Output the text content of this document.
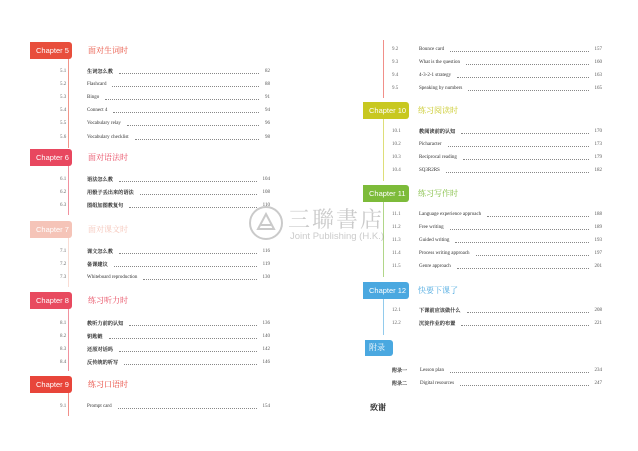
Chapter 5	面对生词时
5.1	生词怎么教	82
5.2	Flashcard	88
5.3	Bingo	91
5.4	Connect 4	94
5.5	Vocabulary relay	96
5.6	Vocabulary checklist	98
Chapter 6	面对语法时
6.1	语法怎么教	104
6.2	用骰子丢出来的语法	108
6.3	图组加图教复句	110
Chapter 7	面对课文时
7.1	课文怎么教	116
7.2	备课建议	119
7.3	Whiteboard reproduction	130
Chapter 8	练习听力时
8.1	教听力前的认知	136
8.2	钥匙链	140
8.3	还原对话吗	142
8.4	反传统的听写	146
Chapter 9	练习口语时
9.1	Prompt card	154
9.2	Bounce card	157
9.3	What is the question	160
9.4	4-3-2-1 strategy	163
9.5	Speaking by numbers	165
Chapter 10	练习阅读时
10.1	教阅读前的认知	170
10.2	Picharacter	173
10.3	Reciprocal reading	179
10.4	SQ3R2RS	182
Chapter 11	练习写作时
11.1	Language experience approach	188
11.2	Free writing	189
11.3	Guided writing	193
11.4	Process writing approach	197
11.5	Genre approach	201
Chapter 12	快要下课了
12.1	下课前应该做什么	208
12.2	沉淀作业的布置	221
附录一	Lesson plan	234
附录二	Digital resources	247
三聯書店
Joint Publishing (H.K.)
附录
致谢
